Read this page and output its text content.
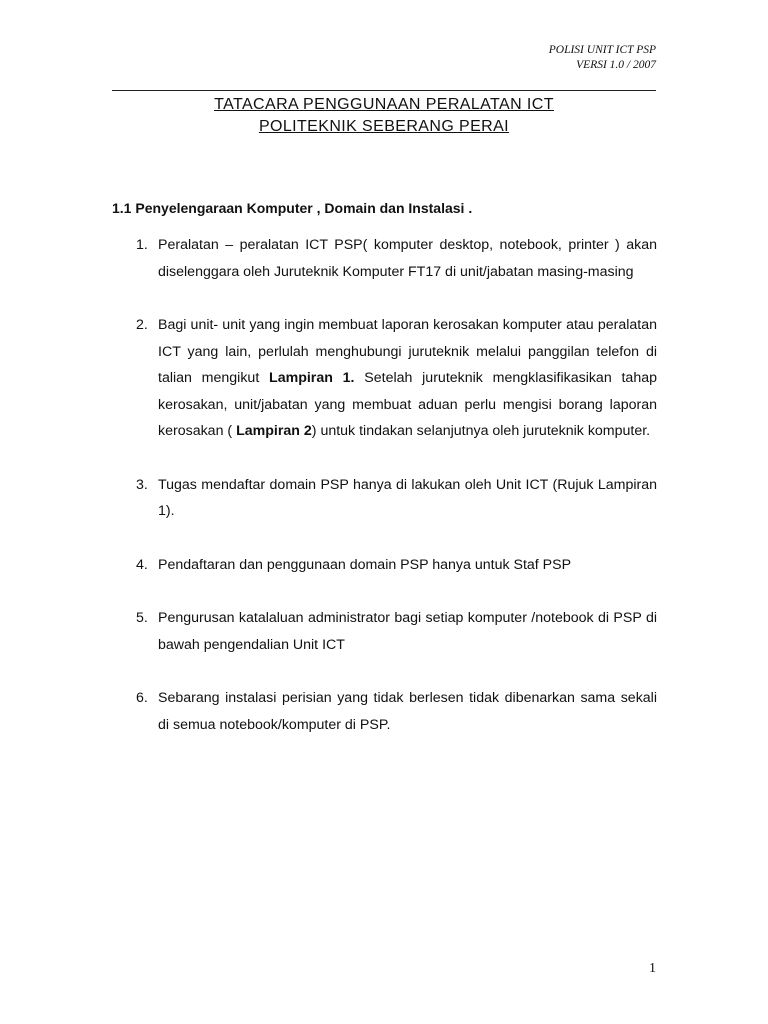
POLISI UNIT ICT PSP
VERSI 1.0 / 2007
TATACARA PENGGUNAAN PERALATAN ICT
POLITEKNIK SEBERANG PERAI
1.1 Penyelengaraan Komputer , Domain dan Instalasi .
1. Peralatan – peralatan ICT PSP( komputer desktop, notebook, printer ) akan diselenggara oleh Juruteknik Komputer FT17 di unit/jabatan masing-masing
2. Bagi unit- unit yang ingin membuat laporan kerosakan komputer atau peralatan ICT yang lain, perlulah menghubungi juruteknik melalui panggilan telefon di talian mengikut Lampiran 1. Setelah juruteknik mengklasifikasikan tahap kerosakan, unit/jabatan yang membuat aduan perlu mengisi borang laporan kerosakan ( Lampiran 2) untuk tindakan selanjutnya oleh juruteknik komputer.
3. Tugas mendaftar domain PSP hanya di lakukan oleh Unit ICT (Rujuk Lampiran 1).
4. Pendaftaran dan penggunaan domain PSP hanya untuk Staf PSP
5. Pengurusan katalaluan administrator bagi setiap komputer /notebook di PSP di bawah pengendalian Unit ICT
6. Sebarang instalasi perisian yang tidak berlesen tidak dibenarkan sama sekali di semua notebook/komputer di PSP.
1
